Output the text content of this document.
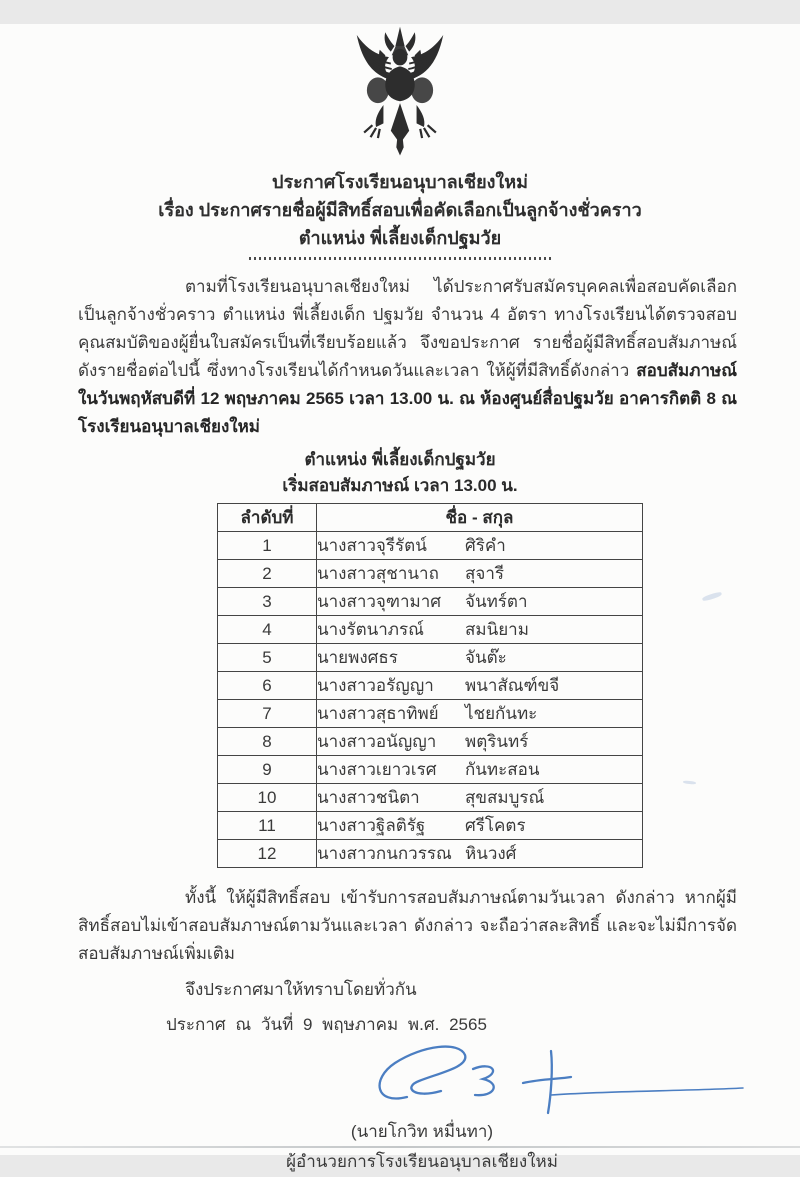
ประกาศโรงเรียนอนุบาลเชียงใหม่
เรื่อง ประกาศรายชื่อผู้มีสิทธิ์สอบเพื่อคัดเลือกเป็นลูกจ้างชั่วคราว
ตำแหน่ง พี่เลี้ยงเด็กปฐมวัย

ตามที่โรงเรียนอนุบาลเชียงใหม่ ได้ประกาศรับสมัครบุคคลเพื่อสอบคัดเลือกเป็นลูกจ้างชั่วคราว ตำแหน่ง พี่เลี้ยงเด็ก ปฐมวัย จำนวน 4 อัตรา ทางโรงเรียนได้ตรวจสอบคุณสมบัติของผู้ยื่นใบสมัครเป็นที่เรียบร้อยแล้ว จึงขอประกาศ รายชื่อผู้มีสิทธิ์สอบสัมภาษณ์ ดังรายชื่อต่อไปนี้ ซึ่งทางโรงเรียนได้กำหนดวันและเวลา ให้ผู้ที่มีสิทธิ์ดังกล่าว สอบสัมภาษณ์ในวันพฤหัสบดีที่ 12 พฤษภาคม 2565 เวลา 13.00 น. ณ ห้องศูนย์สื่อปฐมวัย อาคารกิตติ 8 ณ โรงเรียนอนุบาลเชียงใหม่

ตำแหน่ง พี่เลี้ยงเด็กปฐมวัย
เริ่มสอบสัมภาษณ์ เวลา 13.00 น.
ลำดับที่	ชื่อ - สกุล
1	นางสาวจุรีรัตน์ ศิริคำ
2	นางสาวสุชานาถ สุจารี
3	นางสาวจุฑามาศ จันทร์ตา
4	นางรัตนาภรณ์ สมนิยาม
5	นายพงศธร จันต๊ะ
6	นางสาวอรัญญา พนาสัณฑ์ขจี
7	นางสาวสุธาทิพย์ ไชยกันทะ
8	นางสาวอนัญญา พตุรินทร์
9	นางสาวเยาวเรศ กันทะสอน
10	นางสาวชนิตา สุขสมบูรณ์
11	นางสาวฐิลติรัฐ ศรีโคตร
12	นางสาวกนกวรรณ หินวงศ์

ทั้งนี้ ให้ผู้มีสิทธิ์สอบ เข้ารับการสอบสัมภาษณ์ตามวันเวลา ดังกล่าว หากผู้มีสิทธิ์สอบไม่เข้าสอบสัมภาษณ์ตามวันและเวลา ดังกล่าว จะถือว่าสละสิทธิ์ และจะไม่มีการจัดสอบสัมภาษณ์เพิ่มเติม

จึงประกาศมาให้ทราบโดยทั่วกัน

ประกาศ ณ วันที่ 9 พฤษภาคม พ.ศ. 2565

(นายโกวิท หมื่นทา)
ผู้อำนวยการโรงเรียนอนุบาลเชียงใหม่
